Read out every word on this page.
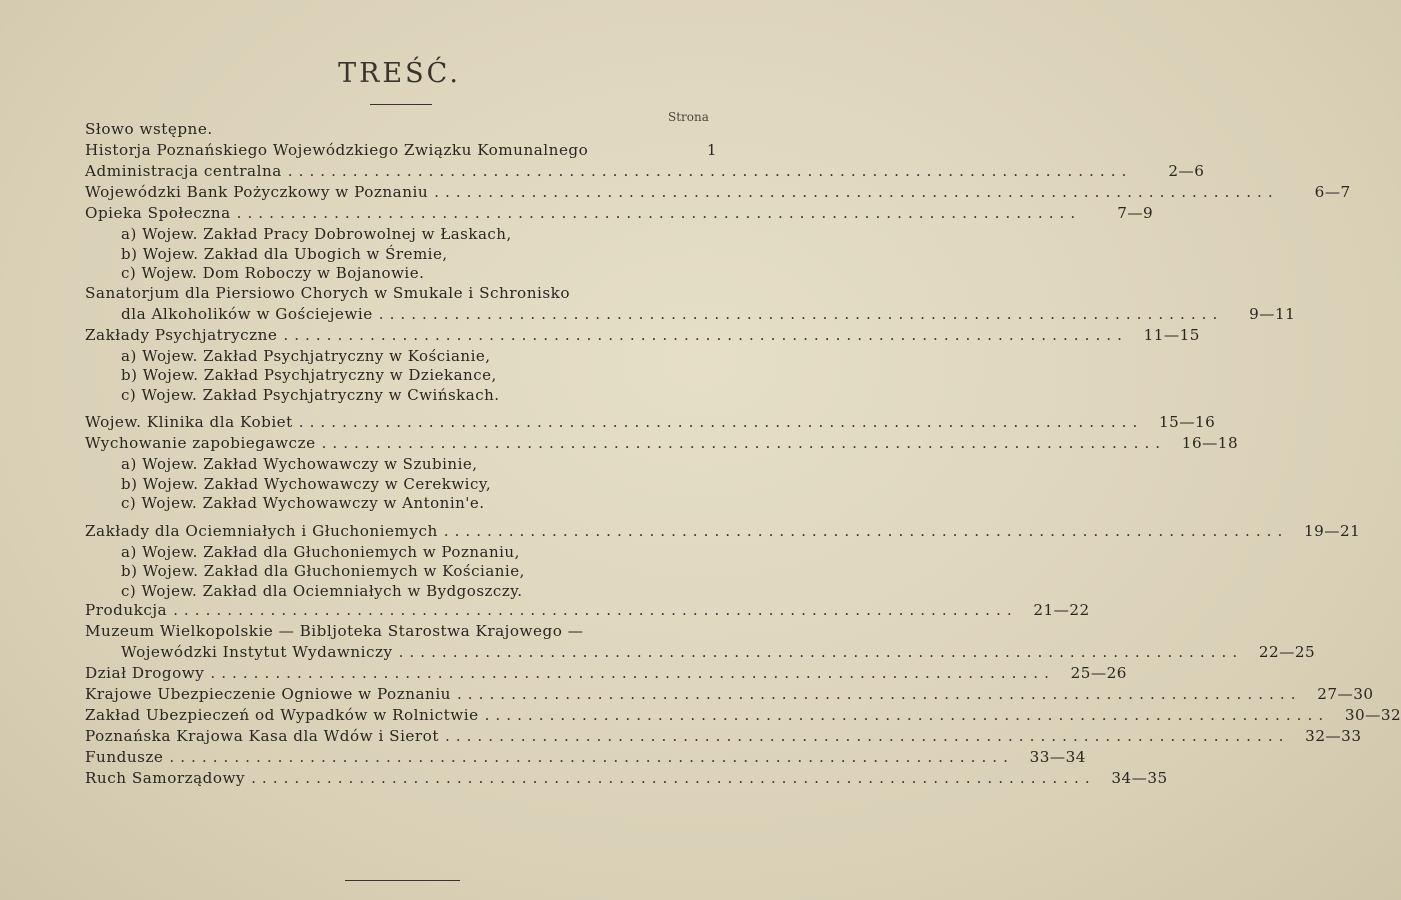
TREŚĆ.
Strona
Słowo wstępne.
Historja Poznańskiego Wojewódzkiego Związku Komunalnego	1
Administracja centralna ..............................................................................	2—6
Wojewódzki Bank Pożyczkowy w Poznaniu ..............................................................................	6—7
Opieka Społeczna ..............................................................................	7—9
a) Wojew. Zakład Pracy Dobrowolnej w Łaskach,
b) Wojew. Zakład dla Ubogich w Śremie,
c) Wojew. Dom Roboczy w Bojanowie.
Sanatorjum dla Piersiowo Chorych w Smukale i Schronisko
dla Alkoholików w Gościejewie ..............................................................................	9—11
Zakłady Psychjatryczne ..............................................................................	11—15
a) Wojew. Zakład Psychjatryczny w Kościanie,
b) Wojew. Zakład Psychjatryczny w Dziekance,
c) Wojew. Zakład Psychjatryczny w Cwińskach.
Wojew. Klinika dla Kobiet ..............................................................................	15—16
Wychowanie zapobiegawcze ..............................................................................	16—18
a) Wojew. Zakład Wychowawczy w Szubinie,
b) Wojew. Zakład Wychowawczy w Cerekwicy,
c) Wojew. Zakład Wychowawczy w Antonin'e.
Zakłady dla Ociemniałych i Głuchoniemych ..............................................................................	19—21
a) Wojew. Zakład dla Głuchoniemych w Poznaniu,
b) Wojew. Zakład dla Głuchoniemych w Kościanie,
c) Wojew. Zakład dla Ociemniałych w Bydgoszczy.
Produkcja ..............................................................................	21—22
Muzeum Wielkopolskie — Bibljoteka Starostwa Krajowego —
Wojewódzki Instytut Wydawniczy ..............................................................................	22—25
Dział Drogowy ..............................................................................	25—26
Krajowe Ubezpieczenie Ogniowe w Poznaniu ..............................................................................	27—30
Zakład Ubezpieczeń od Wypadków w Rolnictwie ..............................................................................	30—32
Poznańska Krajowa Kasa dla Wdów i Sierot ..............................................................................	32—33
Fundusze ..............................................................................	33—34
Ruch Samorządowy ..............................................................................	34—35
